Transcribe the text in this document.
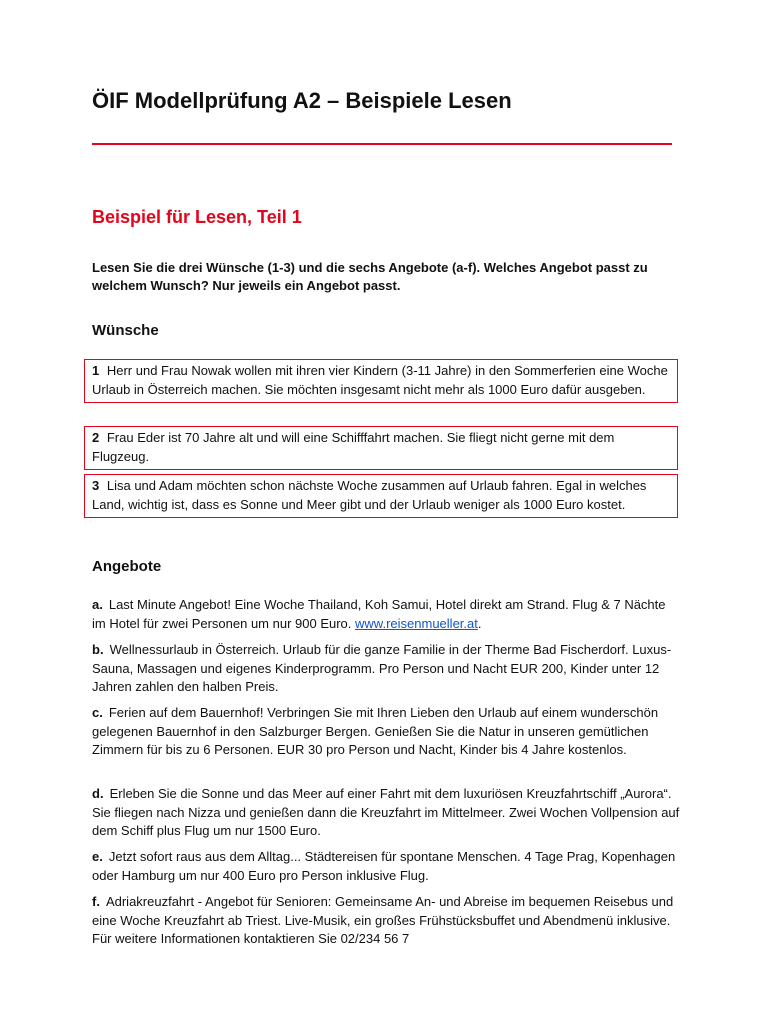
ÖIF Modellprüfung A2 – Beispiele Lesen
Beispiel für Lesen, Teil 1

Lesen Sie die drei Wünsche (1-3) und die sechs Angebote (a-f). Welches Angebot passt zu welchem Wunsch? Nur jeweils ein Angebot passt.

Wünsche
1 Herr und Frau Nowak wollen mit ihren vier Kindern (3-11 Jahre) in den Sommerferien eine Woche Urlaub in Österreich machen. Sie möchten insgesamt nicht mehr als 1000 Euro dafür ausgeben.
2 Frau Eder ist 70 Jahre alt und will eine Schifffahrt machen. Sie fliegt nicht gerne mit dem Flugzeug.
3 Lisa und Adam möchten schon nächste Woche zusammen auf Urlaub fahren. Egal in welches Land, wichtig ist, dass es Sonne und Meer gibt und der Urlaub weniger als 1000 Euro kostet.
Angebote

a. Last Minute Angebot! Eine Woche Thailand, Koh Samui, Hotel direkt am Strand. Flug & 7 Nächte im Hotel für zwei Personen um nur 900 Euro. www.reisenmueller.at.

b. Wellnessurlaub in Österreich. Urlaub für die ganze Familie in der Therme Bad Fischerdorf. Luxus-Sauna, Massagen und eigenes Kinderprogramm. Pro Person und Nacht EUR 200, Kinder unter 12 Jahren zahlen den halben Preis.

c. Ferien auf dem Bauernhof! Verbringen Sie mit Ihren Lieben den Urlaub auf einem wunderschön gelegenen Bauernhof in den Salzburger Bergen. Genießen Sie die Natur in unseren gemütlichen Zimmern für bis zu 6 Personen. EUR 30 pro Person und Nacht, Kinder bis 4 Jahre kostenlos.

d. Erleben Sie die Sonne und das Meer auf einer Fahrt mit dem luxuriösen Kreuzfahrtschiff „Aurora“. Sie fliegen nach Nizza und genießen dann die Kreuzfahrt im Mittelmeer. Zwei Wochen Vollpension auf dem Schiff plus Flug um nur 1500 Euro.

e. Jetzt sofort raus aus dem Alltag... Städtereisen für spontane Menschen. 4 Tage Prag, Kopenhagen oder Hamburg um nur 400 Euro pro Person inklusive Flug.

f. Adriakreuzfahrt - Angebot für Senioren: Gemeinsame An- und Abreise im bequemen Reisebus und eine Woche Kreuzfahrt ab Triest. Live-Musik, ein großes Frühstücksbuffet und Abendmenü inklusive. Für weitere Informationen kontaktieren Sie 02/234 56 7
